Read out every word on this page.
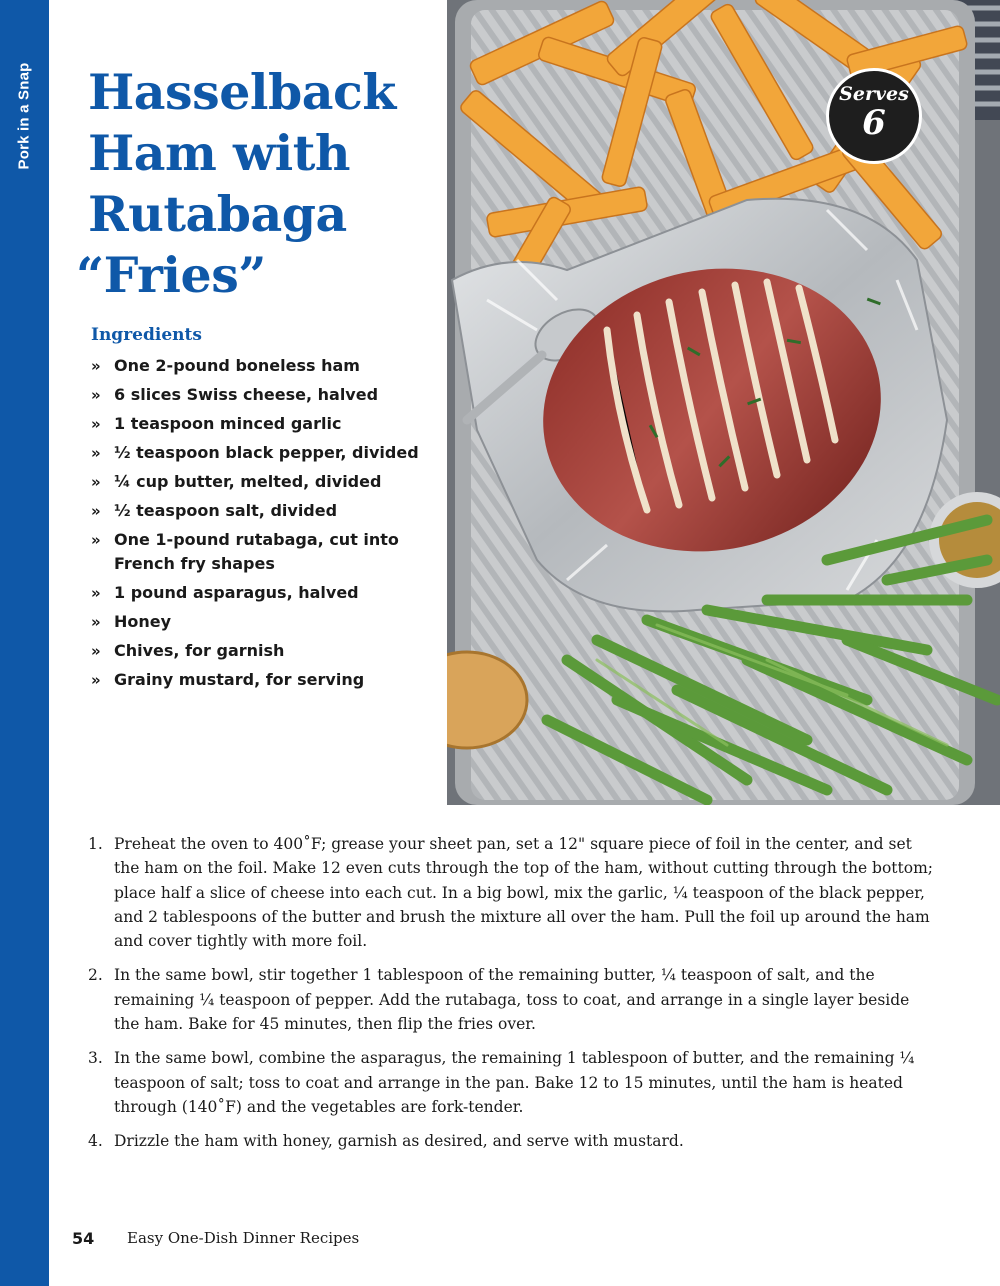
Pork in a Snap Hasselback
Ham with
Rutabaga
“Fries”
Ingredients
» One 2-pound boneless ham
» 6 slices Swiss cheese, halved
» 1 teaspoon minced garlic
» ½ teaspoon black pepper, divided
» ¼ cup butter, melted, divided
» ½ teaspoon salt, divided
» One 1-pound rutabaga, cut into French fry shapes
» 1 pound asparagus, halved
» Honey
» Chives, for garnish
» Grainy mustard, for serving
Serves
6
1. Preheat the oven to 400˚F; grease your sheet pan, set a 12" square piece of foil in the center, and set the ham on the foil. Make 12 even cuts through the top of the ham, without cutting through the bottom; place half a slice of cheese into each cut. In a big bowl, mix the garlic, ¼ teaspoon of the black pepper, and 2 tablespoons of the butter and brush the mixture all over the ham. Pull the foil up around the ham and cover tightly with more foil.
2. In the same bowl, stir together 1 tablespoon of the remaining butter, ¼ teaspoon of salt, and the remaining ¼ teaspoon of pepper. Add the rutabaga, toss to coat, and arrange in a single layer beside the ham. Bake for 45 minutes, then flip the fries over.
3. In the same bowl, combine the asparagus, the remaining 1 tablespoon of butter, and the remaining ¼ teaspoon of salt; toss to coat and arrange in the pan. Bake 12 to 15 minutes, until the ham is heated through (140˚F) and the vegetables are fork-tender.
4. Drizzle the ham with honey, garnish as desired, and serve with mustard.
54 Easy One-Dish Dinner Recipes
